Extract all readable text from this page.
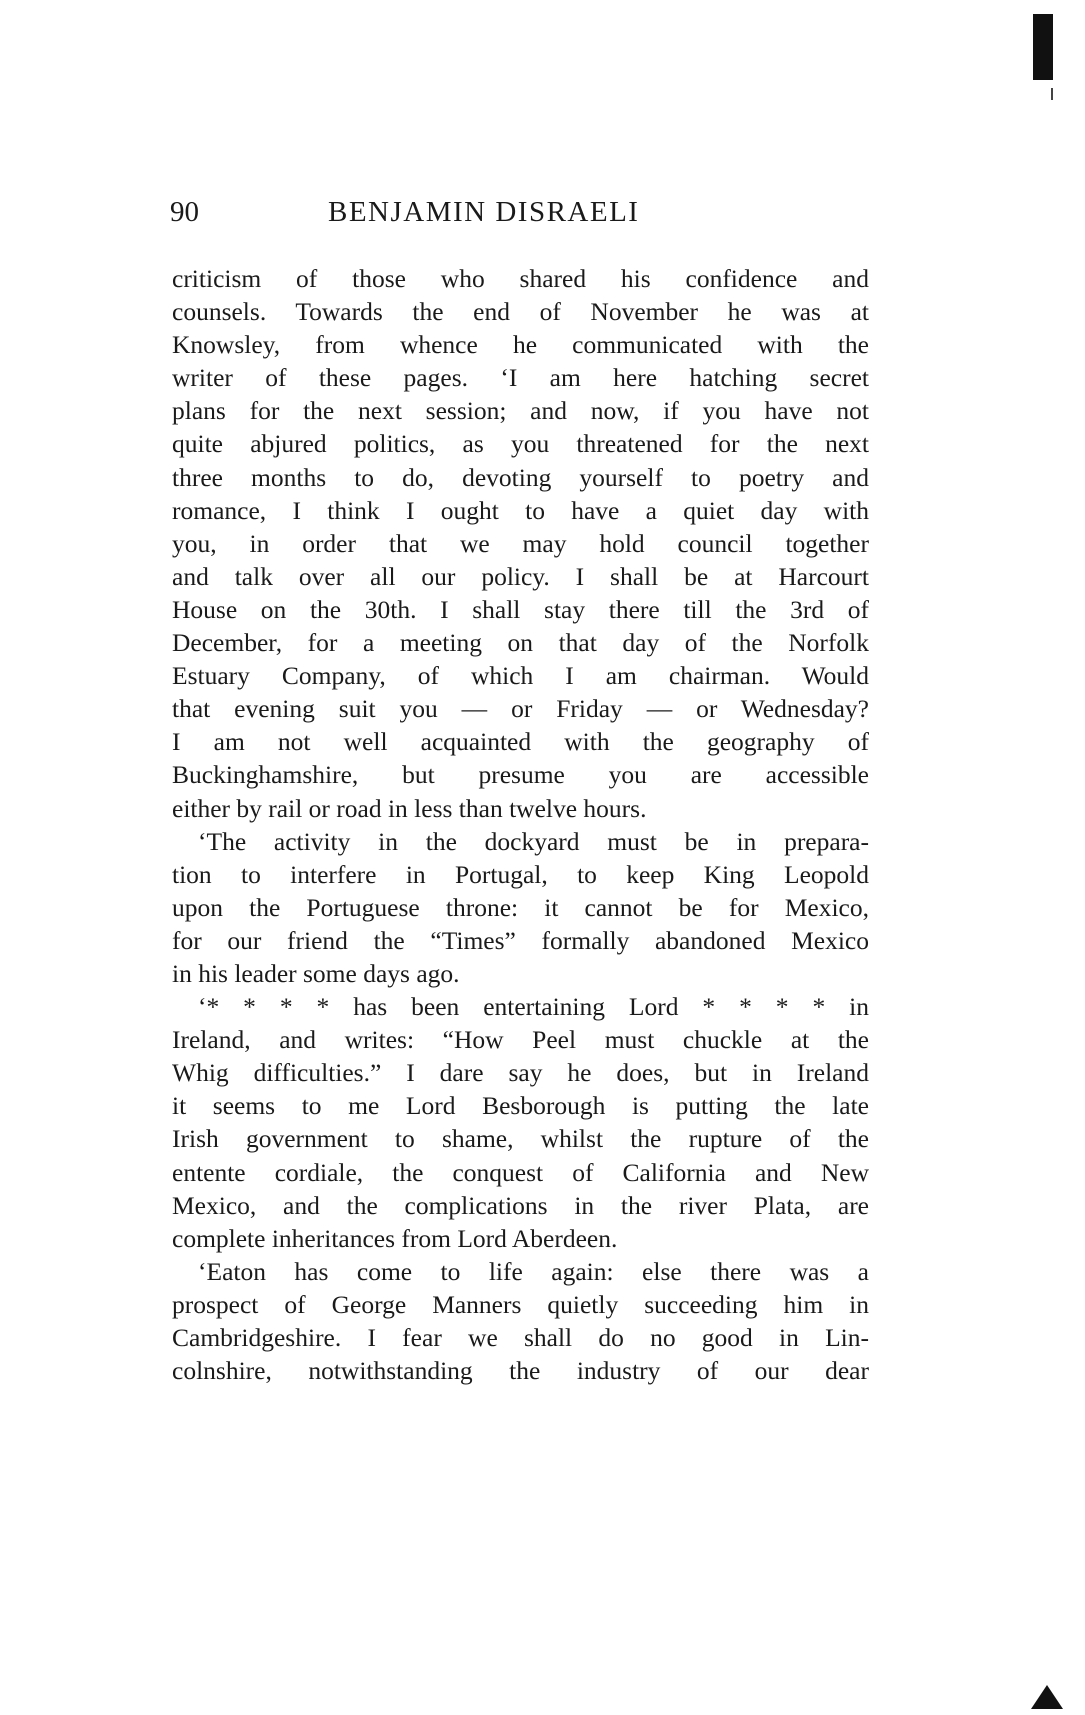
90	BENJAMIN DISRAELI
criticism of those who shared his confidence and
counsels. Towards the end of November he was at
Knowsley, from whence he communicated with the
writer of these pages. ‘I am here hatching secret
plans for the next session; and now, if you have not
quite abjured politics, as you threatened for the next
three months to do, devoting yourself to poetry and
romance, I think I ought to have a quiet day with
you, in order that we may hold council together
and talk over all our policy. I shall be at Harcourt
House on the 30th. I shall stay there till the 3rd of
December, for a meeting on that day of the Norfolk
Estuary Company, of which I am chairman. Would
that evening suit you — or Friday — or Wednesday?
I am not well acquainted with the geography of
Buckinghamshire, but presume you are accessible
either by rail or road in less than twelve hours.
‘The activity in the dockyard must be in prepara-
tion to interfere in Portugal, to keep King Leopold
upon the Portuguese throne: it cannot be for Mexico,
for our friend the “Times” formally abandoned Mexico
in his leader some days ago.
‘* * * * has been entertaining Lord * * * * in
Ireland, and writes: “How Peel must chuckle at the
Whig difficulties.” I dare say he does, but in Ireland
it seems to me Lord Besborough is putting the late
Irish government to shame, whilst the rupture of the
entente cordiale, the conquest of California and New
Mexico, and the complications in the river Plata, are
complete inheritances from Lord Aberdeen.
‘Eaton has come to life again: else there was a
prospect of George Manners quietly succeeding him in
Cambridgeshire. I fear we shall do no good in Lin-
colnshire, notwithstanding the industry of our dear
